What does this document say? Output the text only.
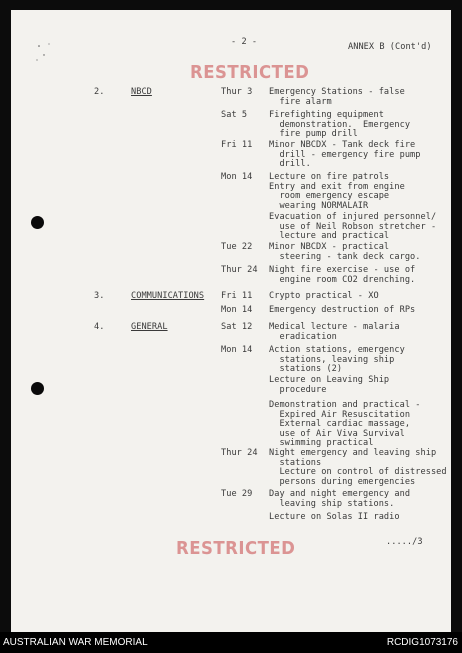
- 2 -	ANNEX B (Cont'd)
RESTRICTED
2.	NBCD	Thur 3 Emergency Stations - false
fire alarm
Sat 5	Firefighting equipment
demonstration.  Emergency
fire pump drill
Fri 11 Minor NBCDX - Tank deck fire
drill - emergency fire pump
drill.
Mon 14 Lecture on fire patrols
Entry and exit from engine
room emergency escape
wearing NORMALAIR
Evacuation of injured personnel/
use of Neil Robson stretcher -
lecture and practical
Tue 22 Minor NBCDX - practical
steering - tank deck cargo.
Thur 24 Night fire exercise - use of
engine room CO2 drenching.
3.	COMMUNICATIONS Fri 11 Crypto practical - XO
Mon 14 Emergency destruction of RPs
4.	GENERAL	Sat 12 Medical lecture - malaria
eradication
Mon 14 Action stations, emergency
stations, leaving ship
stations (2)
Lecture on Leaving Ship
procedure
Demonstration and practical -
Expired Air Resuscitation
External cardiac massage,
use of Air Viva Survival
swimming practical
Thur 24 Night emergency and leaving ship
stations
Lecture on control of distressed
persons during emergencies
Tue 29 Day and night emergency and
leaving ship stations.
Lecture on Solas II radio
...../3
RESTRICTED
AUSTRALIAN WAR MEMORIAL	RCDIG1073176
